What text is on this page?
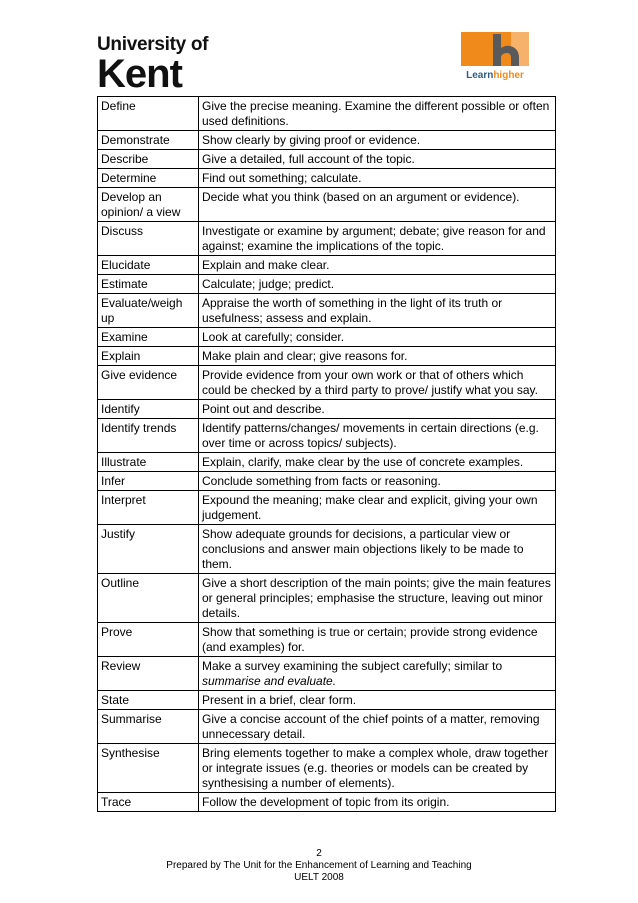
University of
Kent	Learnhigher
Define	Give the precise meaning. Examine the different possible or often used definitions.
Demonstrate	Show clearly by giving proof or evidence.
Describe	Give a detailed, full account of the topic.
Determine	Find out something; calculate.
Develop an opinion/ a view	Decide what you think (based on an argument or evidence).
Discuss	Investigate or examine by argument; debate; give reason for and against; examine the implications of the topic.
Elucidate	Explain and make clear.
Estimate	Calculate; judge; predict.
Evaluate/weigh up	Appraise the worth of something in the light of its truth or usefulness; assess and explain.
Examine	Look at carefully; consider.
Explain	Make plain and clear; give reasons for.
Give evidence	Provide evidence from your own work or that of others which could be checked by a third party to prove/ justify what you say.
Identify	Point out and describe.
Identify trends	Identify patterns/changes/ movements in certain directions (e.g. over time or across topics/ subjects).
Illustrate	Explain, clarify, make clear by the use of concrete examples.
Infer	Conclude something from facts or reasoning.
Interpret	Expound the meaning; make clear and explicit, giving your own judgement.
Justify	Show adequate grounds for decisions, a particular view or conclusions and answer main objections likely to be made to them.
Outline	Give a short description of the main points; give the main features or general principles; emphasise the structure, leaving out minor details.
Prove	Show that something is true or certain; provide strong evidence (and examples) for.
Review	Make a survey examining the subject carefully; similar to summarise and evaluate.
State	Present in a brief, clear form.
Summarise	Give a concise account of the chief points of a matter, removing unnecessary detail.
Synthesise	Bring elements together to make a complex whole, draw together or integrate issues (e.g. theories or models can be created by synthesising a number of elements).
Trace	Follow the development of topic from its origin.
2
Prepared by The Unit for the Enhancement of Learning and Teaching
UELT 2008
